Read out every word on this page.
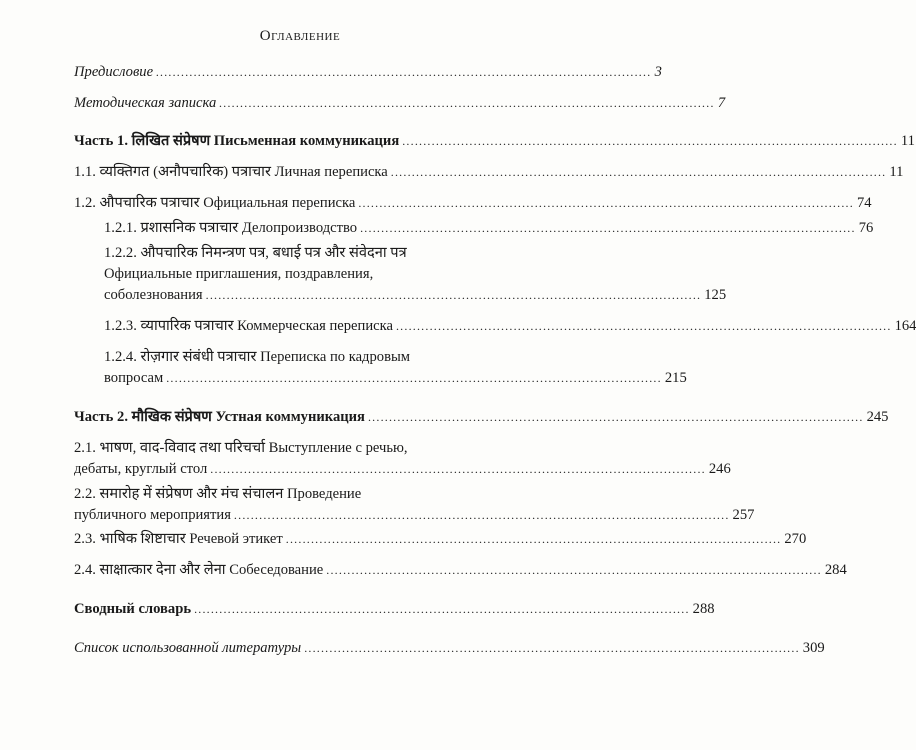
Оглавление
Предисловие ...................................................................................................................... 3
Методическая записка ...................................................................................................................... 7
Часть 1. लिखित संप्रेषण Письменная коммуникация ...................................................................................................................... 11
1.1. व्यक्तिगत (अनौपचारिक) पत्राचार Личная переписка ...................................................................................................................... 11
1.2. औपचारिक पत्राचार Официальная переписка ...................................................................................................................... 74
1.2.1. प्रशासनिक पत्राचार Делопроизводство ...................................................................................................................... 76
1.2.2. औपचारिक निमन्त्रण पत्र, बधाई पत्र और संवेदना पत्र
Официальные приглашения, поздравления,
соболезнования ...................................................................................................................... 125
1.2.3. व्यापारिक पत्राचार Коммерческая переписка ...................................................................................................................... 164
1.2.4. रोज़गार संबंधी पत्राचार Переписка по кадровым
вопросам ...................................................................................................................... 215
Часть 2. मौखिक संप्रेषण Устная коммуникация ...................................................................................................................... 245
2.1. भाषण, वाद-विवाद तथा परिचर्चा Выступление с речью,
дебаты, круглый стол ...................................................................................................................... 246
2.2. समारोह में संप्रेषण और मंच संचालन Проведение
публичного мероприятия ...................................................................................................................... 257
2.3. भाषिक शिष्टाचार Речевой этикет ...................................................................................................................... 270
2.4. साक्षात्कार देना और लेना Собеседование ...................................................................................................................... 284
Сводный словарь ...................................................................................................................... 288
Список использованной литературы ...................................................................................................................... 309
